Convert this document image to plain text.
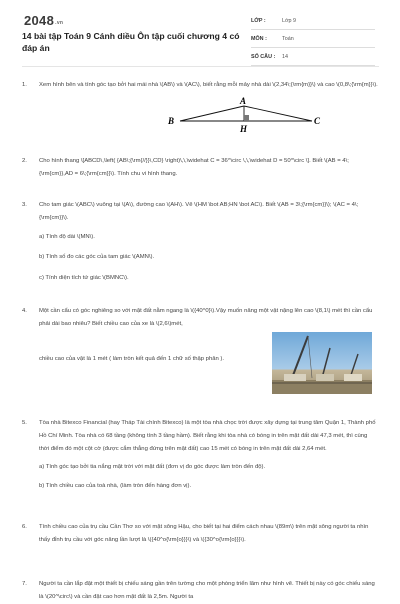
2048.vn
14 bài tập Toán 9 Cánh diều Ôn tập cuối chương 4 có đáp án
LỚP :	Lớp 9
MÔN :	Toán
SỐ CÂU :	14
1.	Xem hình bên và tính góc tạo bởi hai mái nhà \(AB\) và \(AC\), biết rằng mỗi mảy nhà dài \(2,34\;{\rm{m}}\) và cao \(0,8\;{\rm{m}}\).

A
B	C
H
2.	Cho hình thang \[ABCD\,\left( {AB\;{\rm{//}}\,CD} \right)\,\,\widehat C = 36^\circ \,\,\widehat D = 50^\circ \]. Biết \(AB = 4\;{\rm{cm}},AD = 6\;{\rm{cm}}\). Tính chu vi hình thang.

3.	Cho tam giác \(ABC\) vuông tại \(A\), đường cao \(AH\). Vẽ \(HM \bot AB;HN \bot AC\). Biết \(AB = 3\;{\rm{cm}}\); \(AC = 4\;{\rm{cm}}\).

a) Tính độ dài \(MN\).

b) Tính số đo các góc của tam giác \(AMN\).

c) Tính diện tích tứ giác \(BMNC\).

4.	Một cần cẩu có góc nghiêng so với mặt đất nằm ngang là \({40^0}\).Vậy muốn nâng một vật nặng lên cao \(8,1\) mét thì cần cẩu phải dài bao nhiêu? Biết chiều cao của xe là \(2,6\)mét,

chiều cao của vật là 1 mét ( làm tròn kết quả đến 1 chữ số thập phân ).

5.	Tòa nhà Bitexco Financial (hay Tháp Tài chính Bitexco) là một tòa nhà chọc trời được xây dựng tại trung tâm Quận 1, Thành phố Hồ Chí Minh. Tòa nhà có 68 tầng (không tính 3 tầng hầm). Biết rằng khi tòa nhà có bóng in trên mặt đất dài 47,3 mét, thì cùng thời điểm đó một cột cờ (được cắm thẳng đứng trên mặt đất) cao 15 mét có bóng in trên mặt đất dài 2,64 mét.

a) Tính góc tạo bởi tia nắng mặt trời với mặt đất (đơn vị đo góc được làm tròn đến độ).

b) Tính chiều cao của toà nhà, (làm tròn đến hàng đơn vị).

6.	Tính chiều cao của trụ cầu Cần Thơ so với mặt sông Hậu, cho biết tại hai điểm cách nhau \(89m\) trên mặt sông người ta nhìn thấy đỉnh trụ cầu với góc nâng lần lượt là \({40^o{\rm{o}}}\) và \({30^o{\rm{o}}}\).

7.	Người ta cần lắp đặt một thiết bị chiếu sáng gần trên tường cho một phòng triển lãm như hình vẽ. Thiết bị này có góc chiếu sáng là \(20^\circ\) và cần đặt cao hơn mặt đất là 2,5m. Người ta
